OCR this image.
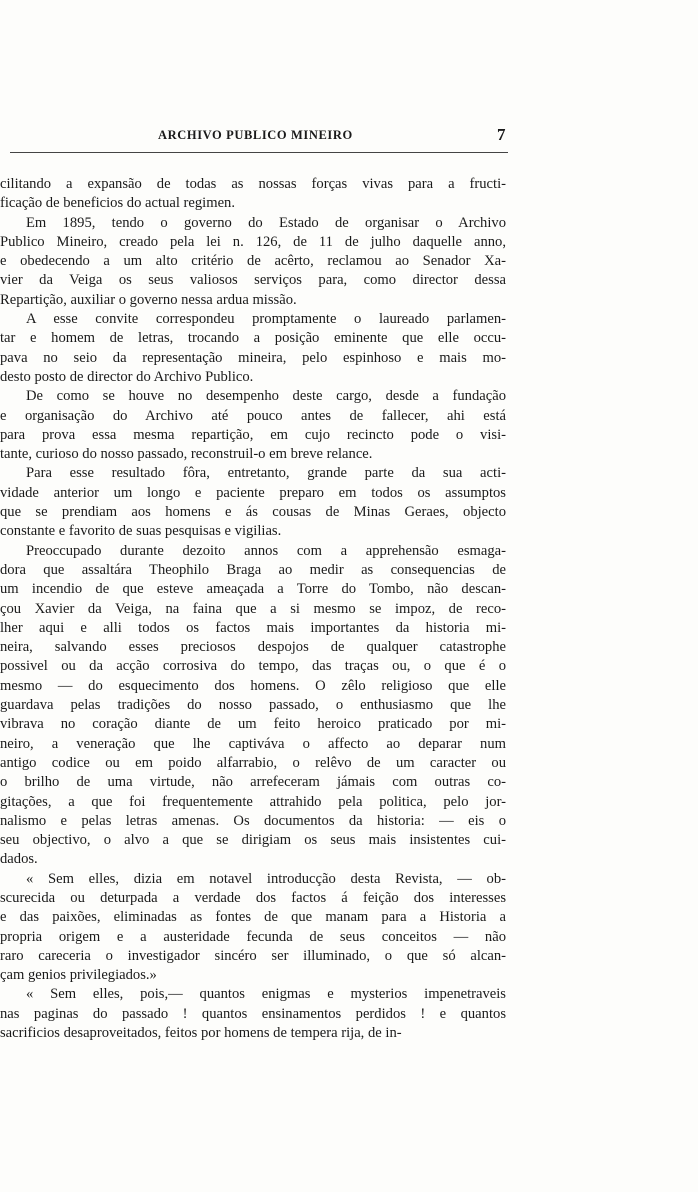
ARCHIVO PUBLICO MINEIRO	7
cilitando a expansão de todas as nossas forças vivas para a fructi-
ficação de beneficios do actual regimen.
Em 1895, tendo o governo do Estado de organisar o Archivo
Publico Mineiro, creado pela lei n. 126, de 11 de julho daquelle anno,
e obedecendo a um alto critério de acêrto, reclamou ao Senador Xa-
vier da Veiga os seus valiosos serviços para, como director dessa
Repartição, auxiliar o governo nessa ardua missão.
A esse convite correspondeu promptamente o laureado parlamen-
tar e homem de letras, trocando a posição eminente que elle occu-
pava no seio da representação mineira, pelo espinhoso e mais mo-
desto posto de director do Archivo Publico.
De como se houve no desempenho deste cargo, desde a fundação
e organisação do Archivo até pouco antes de fallecer, ahi está
para prova essa mesma repartição, em cujo recincto pode o visi-
tante, curioso do nosso passado, reconstruil-o em breve relance.
Para esse resultado fôra, entretanto, grande parte da sua acti-
vidade anterior um longo e paciente preparo em todos os assumptos
que se prendiam aos homens e ás cousas de Minas Geraes, objecto
constante e favorito de suas pesquisas e vigilias.
Preoccupado durante dezoito annos com a apprehensão esmaga-
dora que assaltára Theophilo Braga ao medir as consequencias de
um incendio de que esteve ameaçada a Torre do Tombo, não descan-
çou Xavier da Veiga, na faina que a si mesmo se impoz, de reco-
lher aqui e alli todos os factos mais importantes da historia mi-
neira, salvando esses preciosos despojos de qualquer catastrophe
possivel ou da acção corrosiva do tempo, das traças ou, o que é o
mesmo — do esquecimento dos homens. O zêlo religioso que elle
guardava pelas tradições do nosso passado, o enthusiasmo que lhe
vibrava no coração diante de um feito heroico praticado por mi-
neiro, a veneração que lhe captiváva o affecto ao deparar num
antigo codice ou em poido alfarrabio, o relêvo de um caracter ou
o brilho de uma virtude, não arrefeceram jámais com outras co-
gitações, a que foi frequentemente attrahido pela politica, pelo jor-
nalismo e pelas letras amenas. Os documentos da historia: — eis o
seu objectivo, o alvo a que se dirigiam os seus mais insistentes cui-
dados.
« Sem elles, dizia em notavel introducção desta Revista, — ob-
scurecida ou deturpada a verdade dos factos á feição dos interesses
e das paixões, eliminadas as fontes de que manam para a Historia a
propria origem e a austeridade fecunda de seus conceitos — não
raro careceria o investigador sincéro ser illuminado, o que só alcan-
çam genios privilegiados.»
« Sem elles, pois,— quantos enigmas e mysterios impenetraveis
nas paginas do passado ! quantos ensinamentos perdidos ! e quantos
sacrificios desaproveitados, feitos por homens de tempera rija, de in-
